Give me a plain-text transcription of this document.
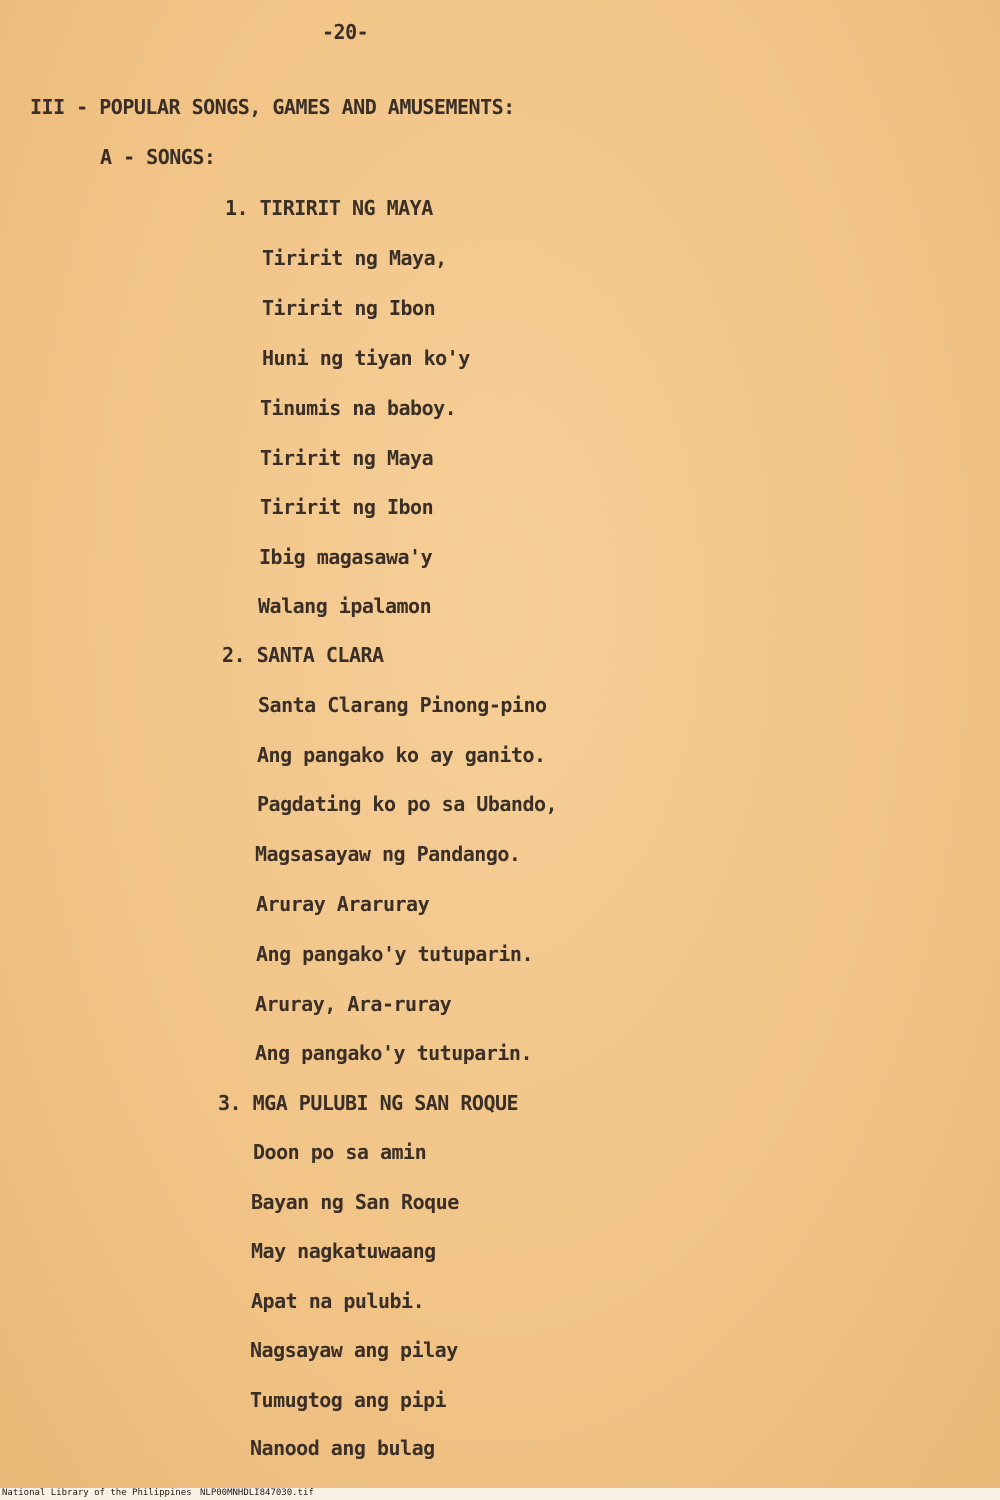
-20-
III - POPULAR SONGS, GAMES AND AMUSEMENTS:
A - SONGS:
1. TIRIRIT NG MAYA
Tiririt ng Maya,
Tiririt ng Ibon
Huni ng tiyan ko'y
Tinumis na baboy.
Tiririt ng Maya
Tiririt ng Ibon
Ibig magasawa'y
Walang ipalamon
2. SANTA CLARA
Santa Clarang Pinong-pino
Ang pangako ko ay ganito.
Pagdating ko po sa Ubando,
Magsasayaw ng Pandango.
Aruray Araruray
Ang pangako'y tutuparin.
Aruray, Ara-ruray
Ang pangako'y tutuparin.
3. MGA PULUBI NG SAN ROQUE
Doon po sa amin
Bayan ng San Roque
May nagkatuwaang
Apat na pulubi.
Nagsayaw ang pilay
Tumugtog ang pipi
Nanood ang bulag
National Library of the Philippines NLP00MNHDLI847030.tif
